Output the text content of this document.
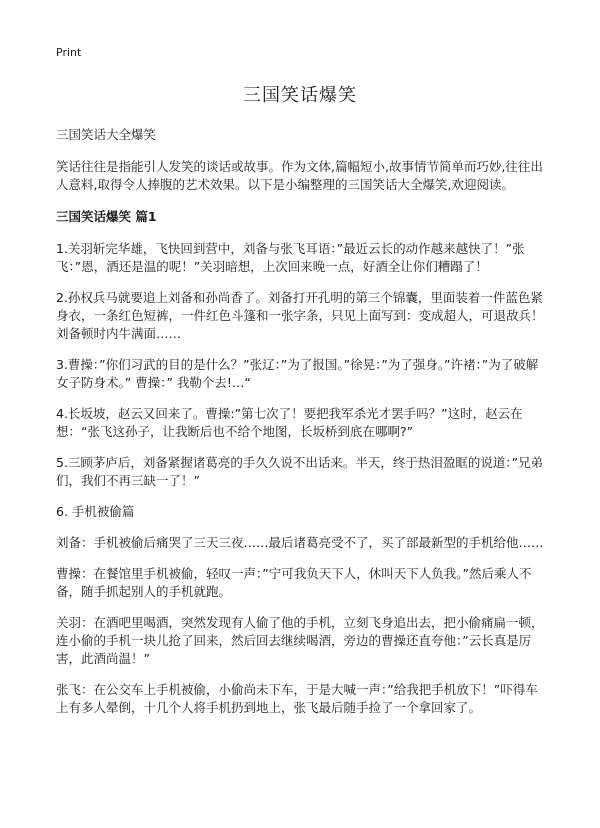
Print
三国笑话爆笑
三国笑话大全爆笑
笑话往往是指能引人发笑的谈话或故事。作为文体,篇幅短小,故事情节简单而巧妙,往往出人意料,取得令人捧腹的艺术效果。以下是小编整理的三国笑话大全爆笑,欢迎阅读。
三国笑话爆笑 篇1
1.关羽斩完华雄，飞快回到营中，刘备与张飞耳语：”最近云长的动作越来越快了！”张飞：”恩，酒还是温的呢！”关羽暗想，上次回来晚一点，好酒全让你们糟蹋了！
2.孙权兵马就要追上刘备和孙尚香了。刘备打开孔明的第三个锦囊，里面装着一件蓝色紧身衣，一条红色短裤，一件红色斗篷和一张字条，只见上面写到：变成超人，可退敌兵！刘备顿时内牛满面……
3.曹操：”你们习武的目的是什么？”张辽：”为了报国。”徐晃：”为了强身。”许褚：”为了破解女子防身术。” 曹操：” 我勒个去!…“
4.长坂坡，赵云又回来了。曹操:”第七次了！要把我军杀光才罢手吗？”这时，赵云在想：“张飞这孙子，让我断后也不给个地图，长坂桥到底在哪啊?”
5.三顾茅庐后，刘备紧握诸葛亮的手久久说不出话来。半天，终于热泪盈眶的说道：”兄弟们，我们不再三缺一了！”
6. 手机被偷篇
刘备：手机被偷后痛哭了三天三夜……最后诸葛亮受不了，买了部最新型的手机给他……
曹操：在餐馆里手机被偷，轻叹一声：”宁可我负天下人，休叫天下人负我。”然后乘人不备，随手抓起别人的手机就跑。
关羽：在酒吧里喝酒，突然发现有人偷了他的手机，立刻飞身追出去，把小偷痛扁一顿，连小偷的手机一块儿抢了回来，然后回去继续喝酒，旁边的曹操还直夸他：”云长真是厉害，此酒尚温！”
张飞：在公交车上手机被偷，小偷尚未下车，于是大喊一声：”给我把手机放下！”吓得车上有多人晕倒，十几个人将手机扔到地上，张飞最后随手捡了一个拿回家了。
